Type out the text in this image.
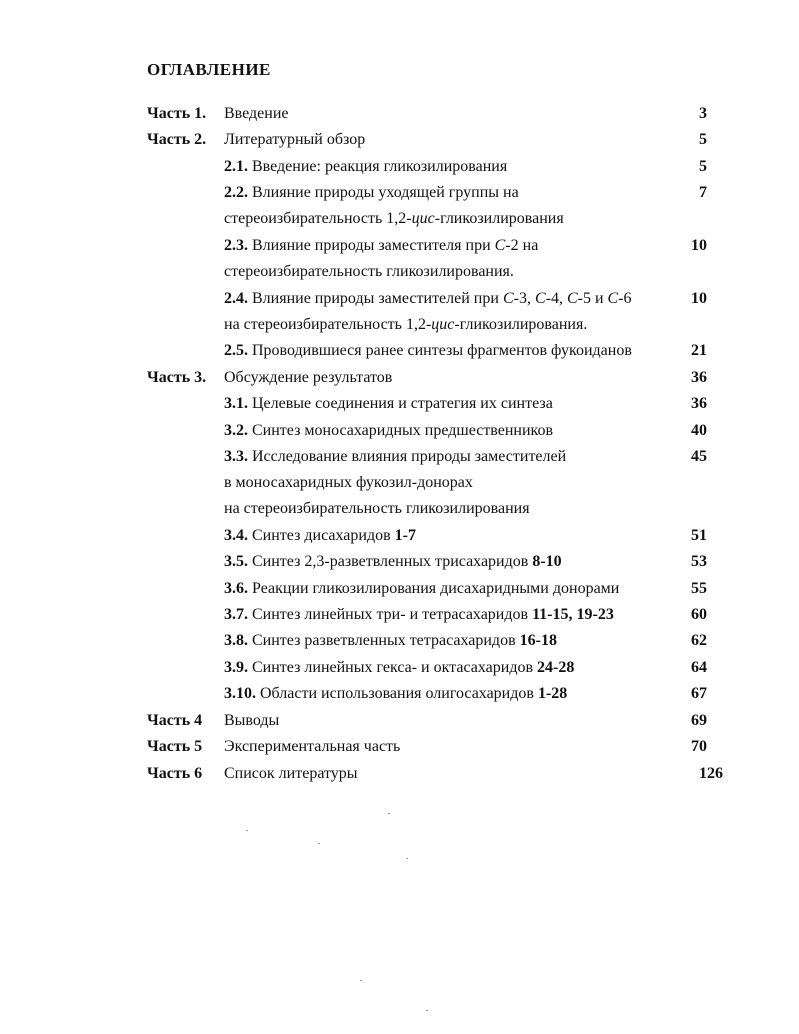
ОГЛАВЛЕНИЕ
Часть 1. Введение	3
Часть 2. Литературный обзор	5
2.1. Введение: реакция гликозилирования	5
2.2. Влияние природы уходящей группы на	7
стереоизбирательность 1,2-цис-гликозилирования
2.3. Влияние природы заместителя при C-2 на	10
стереоизбирательность гликозилирования.
2.4. Влияние природы заместителей при C-3, C-4, C-5 и C-6	10
на стереоизбирательность 1,2-цис-гликозилирования.
2.5. Проводившиеся ранее синтезы фрагментов фукоиданов	21
Часть 3. Обсуждение результатов	36
3.1. Целевые соединения и стратегия их синтеза	36
3.2. Синтез моносахаридных предшественников	40
3.3. Исследование влияния природы заместителей	45
в моносахаридных фукозил-донорах
на стереоизбирательность гликозилирования
3.4. Синтез дисахаридов 1-7	51
3.5. Синтез 2,3-разветвленных трисахаридов 8-10	53
3.6. Реакции гликозилирования дисахаридными донорами	55
3.7. Синтез линейных три- и тетрасахаридов 11-15, 19-23	60
3.8. Синтез разветвленных тетрасахаридов 16-18	62
3.9. Синтез линейных гекса- и октасахаридов 24-28	64
3.10. Области использования олигосахаридов 1-28	67
Часть 4 Выводы	69
Часть 5 Экспериментальная часть	70
Часть 6 Список литературы	126
